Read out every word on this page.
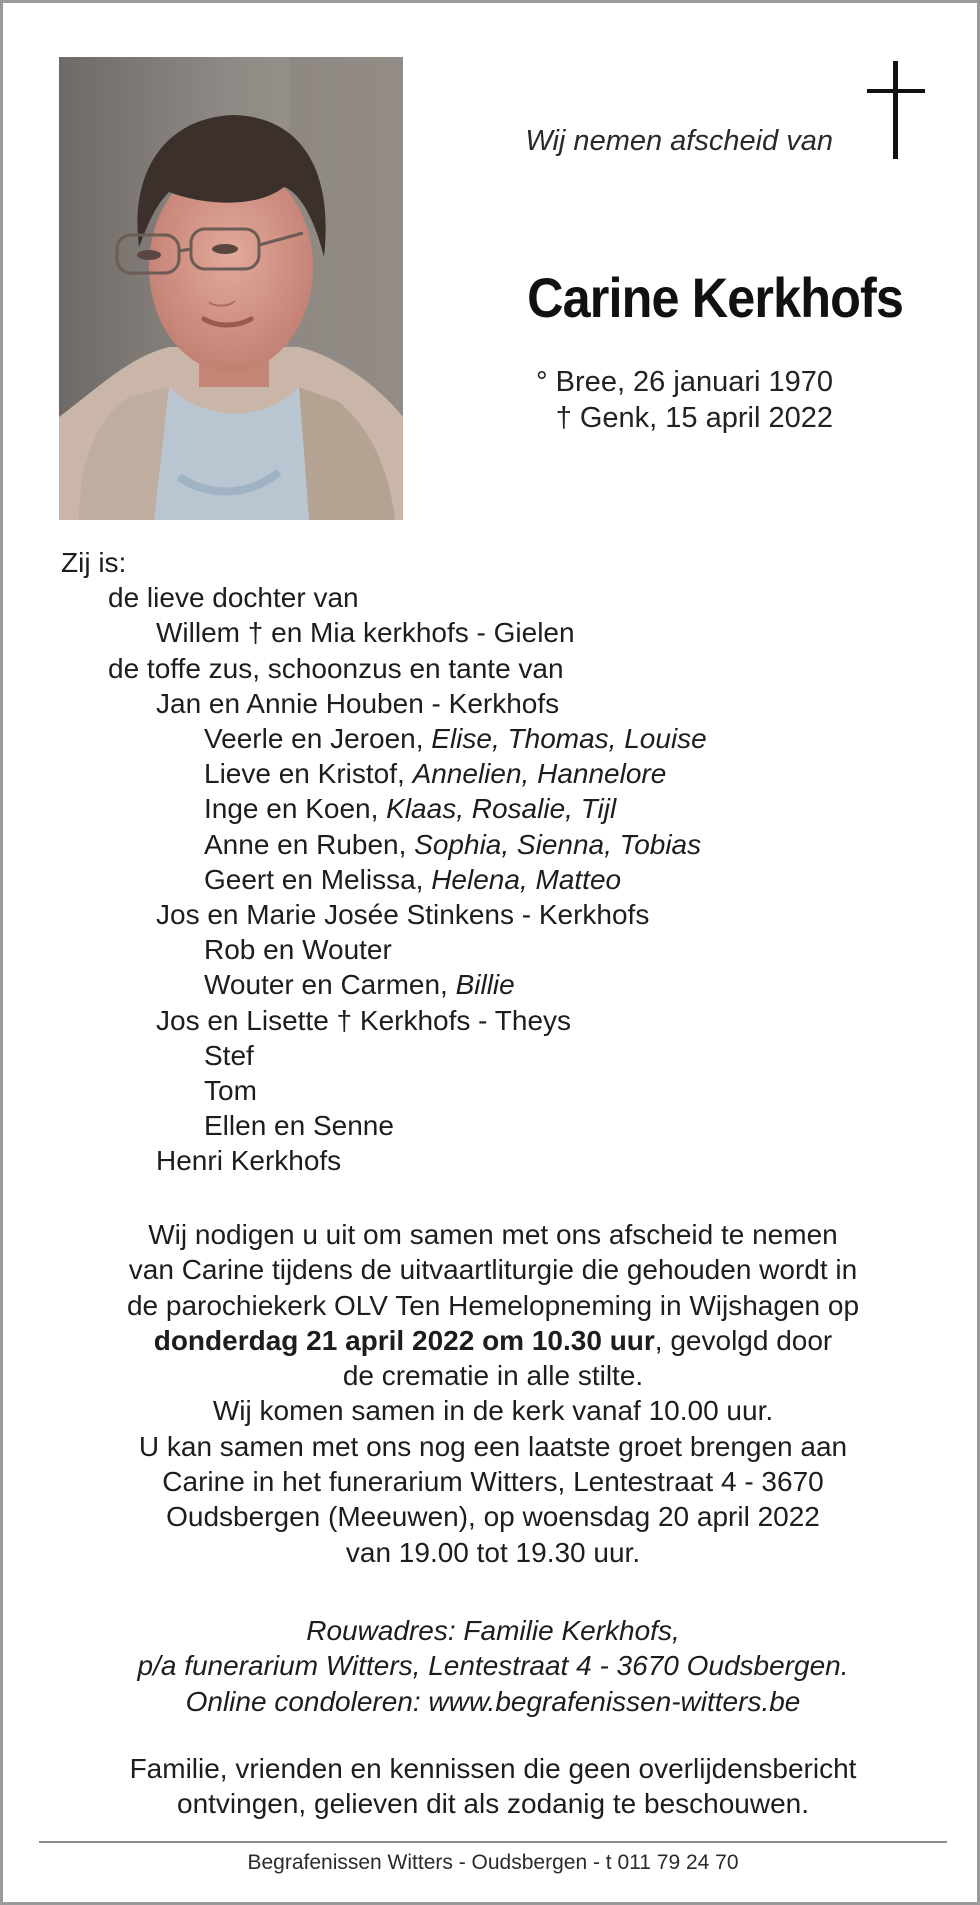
Wij nemen afscheid van
Carine Kerkhofs
° Bree, 26 januari 1970
† Genk, 15 april 2022
Zij is:
de lieve dochter van
Willem † en Mia kerkhofs - Gielen
de toffe zus, schoonzus en tante van
Jan en Annie Houben - Kerkhofs
Veerle en Jeroen, Elise, Thomas, Louise
Lieve en Kristof, Annelien, Hannelore
Inge en Koen, Klaas, Rosalie, Tijl
Anne en Ruben, Sophia, Sienna, Tobias
Geert en Melissa, Helena, Matteo
Jos en Marie Josée Stinkens - Kerkhofs
Rob en Wouter
Wouter en Carmen, Billie
Jos en Lisette † Kerkhofs - Theys
Stef
Tom
Ellen en Senne
Henri Kerkhofs
Wij nodigen u uit om samen met ons afscheid te nemen
van Carine tijdens de uitvaartliturgie die gehouden wordt in
de parochiekerk OLV Ten Hemelopneming in Wijshagen op
donderdag 21 april 2022 om 10.30 uur, gevolgd door
de crematie in alle stilte.
Wij komen samen in de kerk vanaf 10.00 uur.
U kan samen met ons nog een laatste groet brengen aan
Carine in het funerarium Witters, Lentestraat 4 - 3670
Oudsbergen (Meeuwen), op woensdag 20 april 2022
van 19.00 tot 19.30 uur.
Rouwadres: Familie Kerkhofs,
p/a funerarium Witters, Lentestraat 4 - 3670 Oudsbergen.
Online condoleren: www.begrafenissen-witters.be
Familie, vrienden en kennissen die geen overlijdensbericht
ontvingen, gelieven dit als zodanig te beschouwen.
Begrafenissen Witters - Oudsbergen - t 011 79 24 70
